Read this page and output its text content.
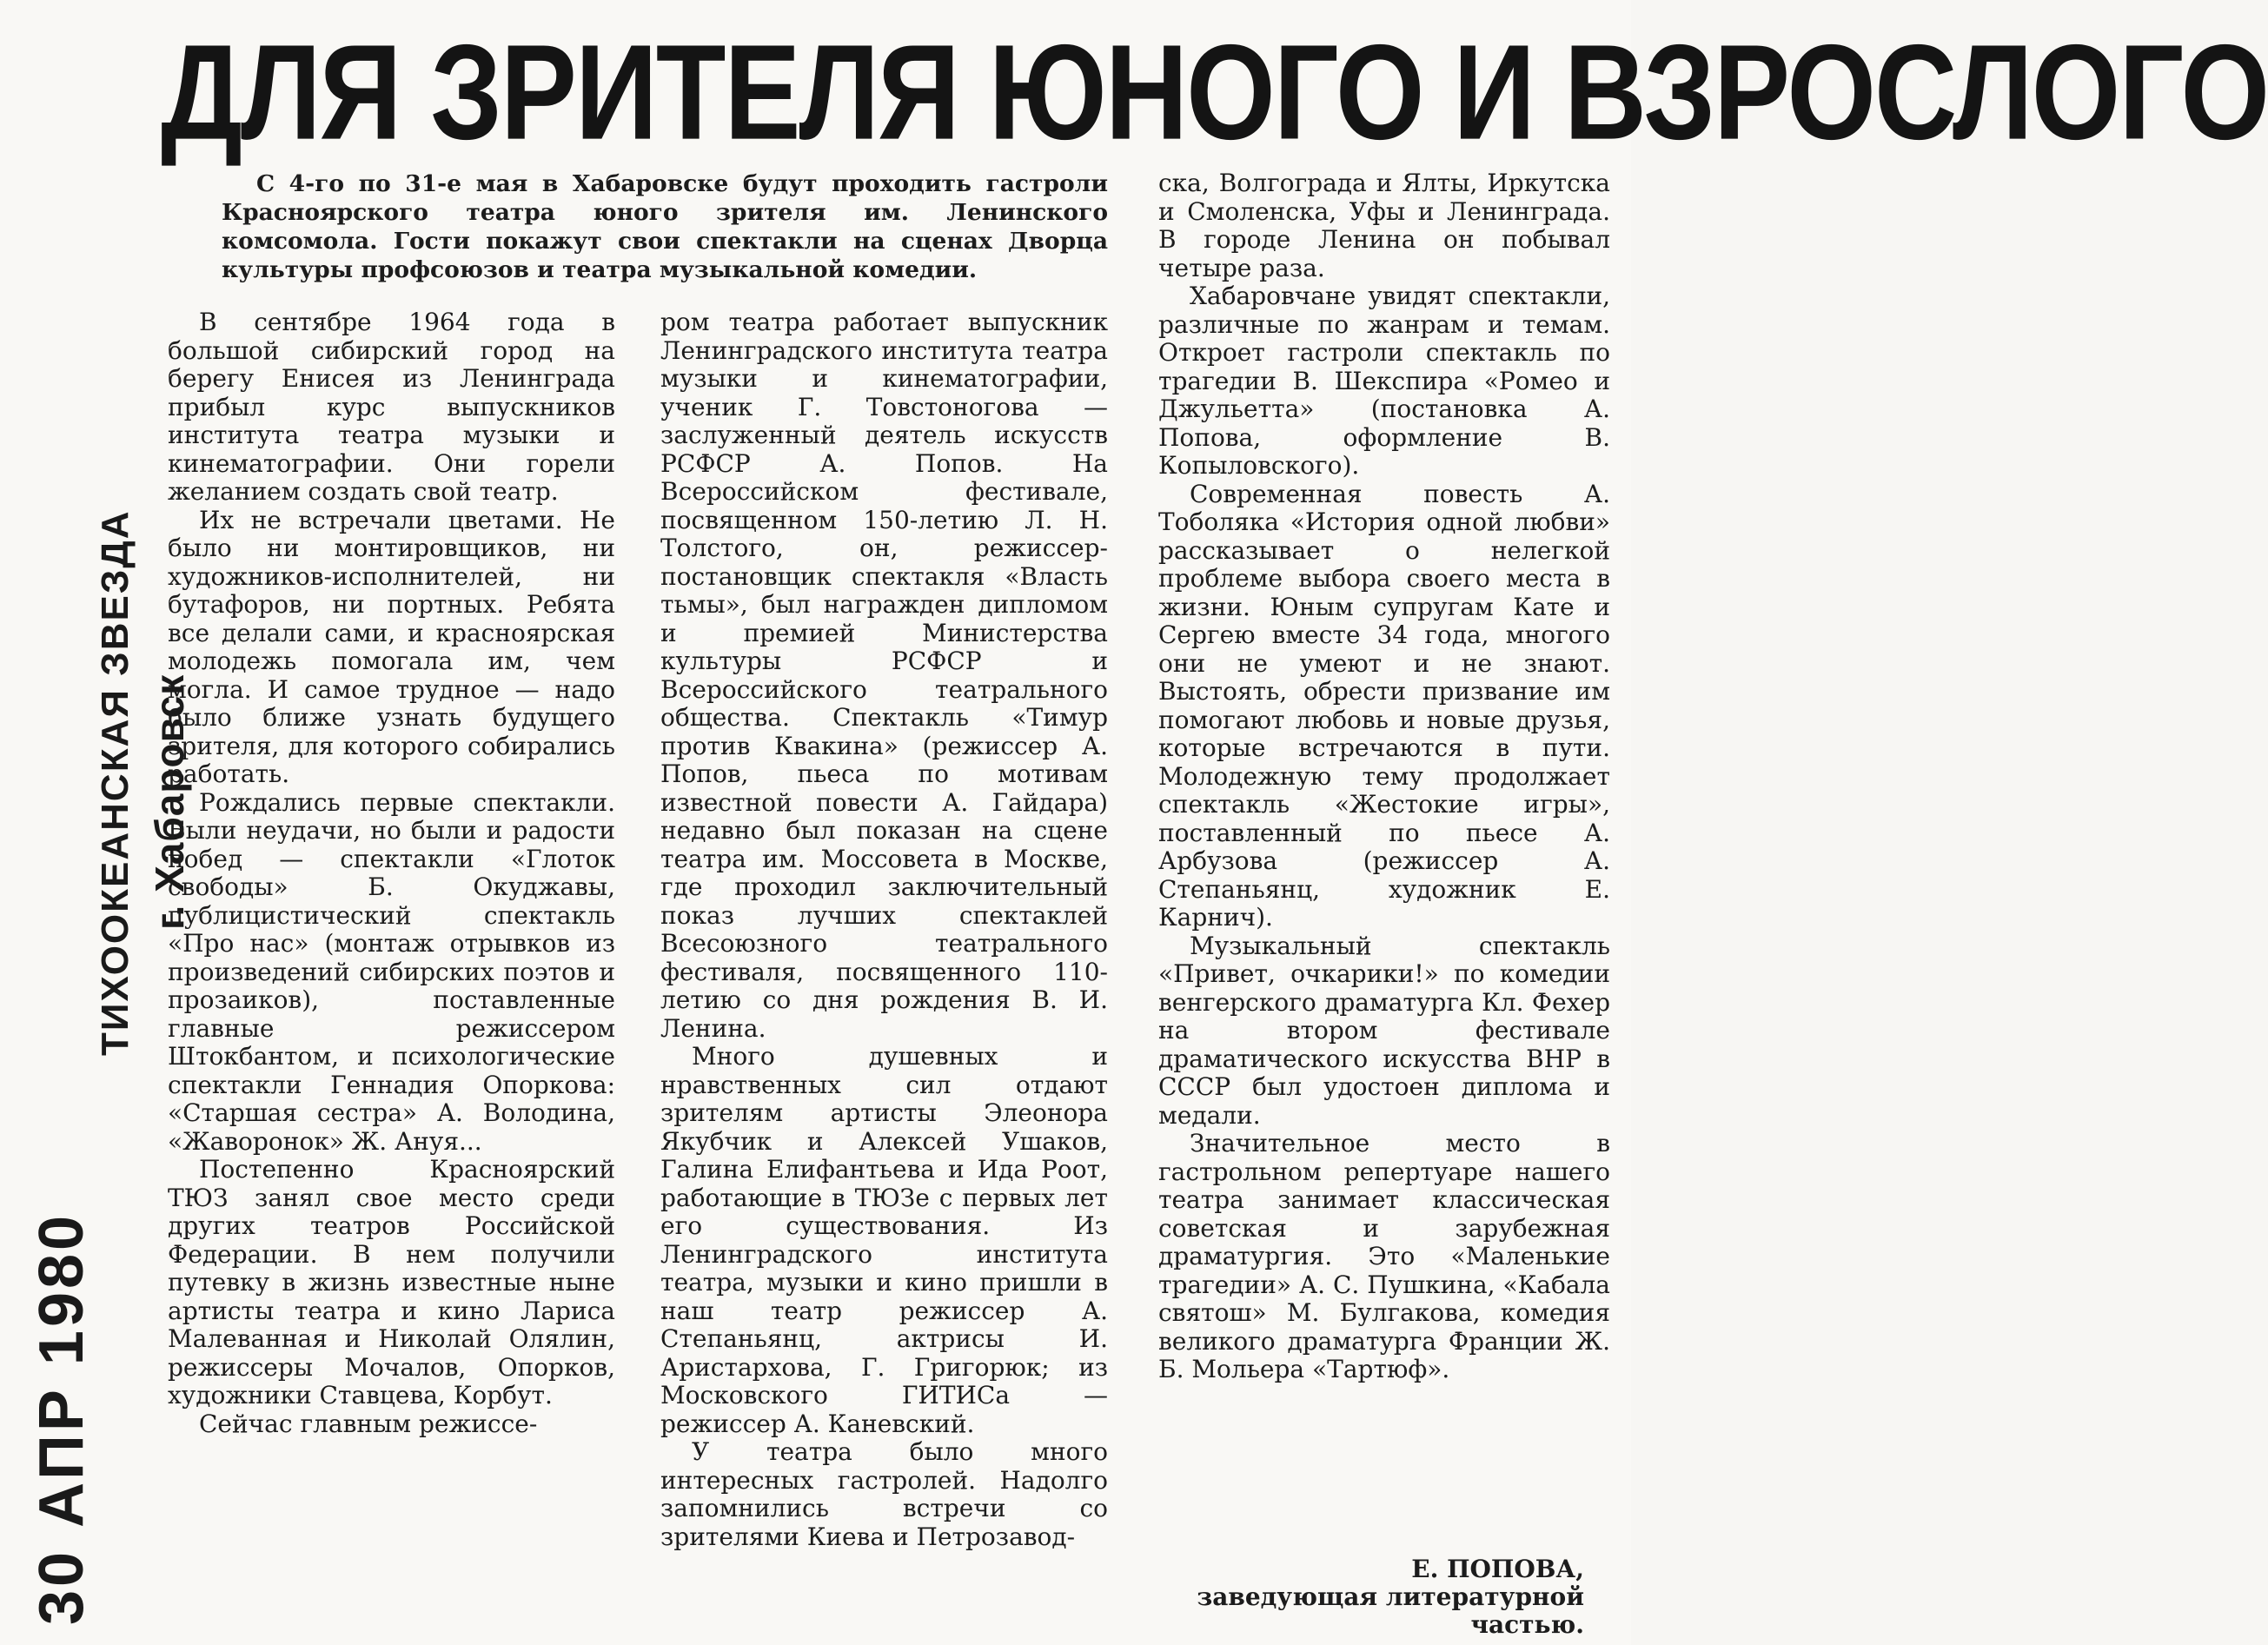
ДЛЯ ЗРИТЕЛЯ ЮНОГО И ВЗРОСЛОГО
ТИХООКЕАНСКАЯ ЗВЕЗДА г. Хабаровск
30 АПР 1980

С 4-го по 31-е мая в Хабаровске будут проходить гастроли Красноярского театра юного зрителя им. Ленинского комсомола. Гости покажут свои спектакли на сценах Дворца культуры профсоюзов и театра музыкальной комедии.

В сентябре 1964 года в большой сибирский город на берегу Енисея из Ленинграда прибыл курс выпускников института театра музыки и кинематографии. Они горели желанием создать свой театр.

Их не встречали цветами. Не было ни монтировщиков, ни художников-исполнителей, ни бутафоров, ни портных. Ребята все делали сами, и красноярская молодежь помогала им, чем могла. И самое трудное — надо было ближе узнать будущего зрителя, для которого собирались работать.

Рождались первые спектакли. Были неудачи, но были и радости побед — спектакли «Глоток свободы» Б. Окуджавы, публицистический спектакль «Про нас» (монтаж отрывков из произведений сибирских поэтов и прозаиков), поставленные главные режиссером Штокбантом, и психологические спектакли Геннадия Опоркова: «Старшая сестра» А. Володина, «Жаворонок» Ж. Ануя...

Постепенно Красноярский ТЮЗ занял свое место среди других театров Российской Федерации. В нем получили путевку в жизнь известные ныне артисты театра и кино Лариса Малеванная и Николай Олялин, режиссеры Мочалов, Опорков, художники Ставцева, Корбут.

Сейчас главным режиссе-

ром театра работает выпускник Ленинградского института театра музыки и кинематографии, ученик Г. Товстоногова — заслуженный деятель искусств РСФСР А. Попов. На Всероссийском фестивале, посвященном 150-летию Л. Н. Толстого, он, режиссер-постановщик спектакля «Власть тьмы», был награжден дипломом и премией Министерства культуры РСФСР и Всероссийского театрального общества. Спектакль «Тимур против Квакина» (режиссер А. Попов, пьеса по мотивам известной повести А. Гайдара) недавно был показан на сцене театра им. Моссовета в Москве, где проходил заключительный показ лучших спектаклей Всесоюзного театрального фестиваля, посвященного 110-летию со дня рождения В. И. Ленина.

Много душевных и нравственных сил отдают зрителям артисты Элеонора Якубчик и Алексей Ушаков, Галина Елифантьева и Ида Роот, работающие в ТЮЗе с первых лет его существования. Из Ленинградского института театра, музыки и кино пришли в наш театр режиссер А. Степаньянц, актрисы И. Аристархова, Г. Григорюк; из Московского ГИТИСа — режиссер А. Каневский.

У театра было много интересных гастролей. Надолго запомнились встречи со зрителями Киева и Петрозавод-

ска, Волгограда и Ялты, Иркутска и Смоленска, Уфы и Ленинграда. В городе Ленина он побывал четыре раза.

Хабаровчане увидят спектакли, различные по жанрам и темам. Откроет гастроли спектакль по трагедии В. Шекспира «Ромео и Джульетта» (постановка А. Попова, оформление В. Копыловского).

Современная повесть А. Тоболяка «История одной любви» рассказывает о нелегкой проблеме выбора своего места в жизни. Юным супругам Кате и Сергею вместе 34 года, многого они не умеют и не знают. Выстоять, обрести призвание им помогают любовь и новые друзья, которые встречаются в пути. Молодежную тему продолжает спектакль «Жестокие игры», поставленный по пьесе А. Арбузова (режиссер А. Степаньянц, художник Е. Карнич).

Музыкальный спектакль «Привет, очкарики!» по комедии венгерского драматурга Кл. Фехер на втором фестивале драматического искусства ВНР в СССР был удостоен диплома и медали.

Значительное место в гастрольном репертуаре нашего театра занимает классическая советская и зарубежная драматургия. Это «Маленькие трагедии» А. С. Пушкина, «Кабала святош» М. Булгакова, комедия великого драматурга Франции Ж. Б. Мольера «Тартюф».

Е. ПОПОВА,
заведующая литературной частью.
